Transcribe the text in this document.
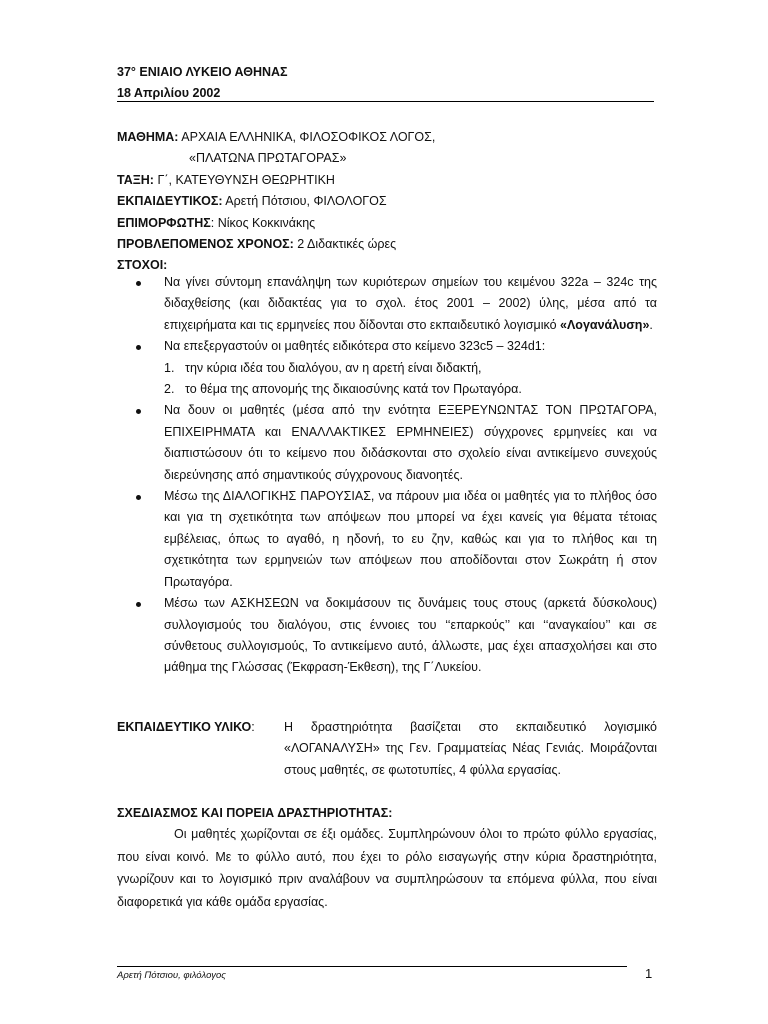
37° ΕΝΙΑΙΟ ΛΥΚΕΙΟ ΑΘΗΝΑΣ
18 Απριλίου 2002
ΜΑΘΗΜΑ: ΑΡΧΑΙΑ ΕΛΛΗΝΙΚΑ, ΦΙΛΟΣΟΦΙΚΟΣ ΛΟΓΟΣ,
«ΠΛΑΤΩΝΑ ΠΡΩΤΑΓΟΡΑΣ»
ΤΑΞΗ: Γ΄, ΚΑΤΕΥΘΥΝΣΗ ΘΕΩΡΗΤΙΚΗ
ΕΚΠΑΙΔΕΥΤΙΚΟΣ: Αρετή Πότσιου, ΦΙΛΟΛΟΓΟΣ
ΕΠΙΜΟΡΦΩΤΗΣ: Νίκος Κοκκινάκης
ΠΡΟΒΛΕΠΟΜΕΝΟΣ ΧΡΟΝΟΣ: 2 Διδακτικές ώρες
ΣΤΟΧΟΙ:
Να γίνει σύντομη επανάληψη των κυριότερων σημείων του κειμένου 322a – 324c της διδαχθείσης (και διδακτέας για το σχολ. έτος 2001 – 2002) ύλης, μέσα από τα επιχειρήματα και τις ερμηνείες που δίδονται στο εκπαιδευτικό λογισμικό «Λογανάλυση».
Να επεξεργαστούν οι μαθητές ειδικότερα στο κείμενο 323c5 – 324d1:
1. την κύρια ιδέα του διαλόγου, αν η αρετή είναι διδακτή,
2. το θέμα της απονομής της δικαιοσύνης κατά τον Πρωταγόρα.
Να δουν οι μαθητές (μέσα από την ενότητα ΕΞΕΡΕΥΝΩΝΤΑΣ ΤΟΝ ΠΡΩΤΑΓΟΡΑ, ΕΠΙΧΕΙΡΗΜΑΤΑ και ΕΝΑΛΛΑΚΤΙΚΕΣ ΕΡΜΗΝΕΙΕΣ) σύγχρονες ερμηνείες και να διαπιστώσουν ότι το κείμενο που διδάσκονται στο σχολείο είναι αντικείμενο συνεχούς διερεύνησης από σημαντικούς σύγχρονους διανοητές.
Μέσω της ΔΙΑΛΟΓΙΚΗΣ ΠΑΡΟΥΣΙΑΣ, να πάρουν μια ιδέα οι μαθητές για το πλήθος όσο και για τη σχετικότητα των απόψεων που μπορεί να έχει κανείς για θέματα τέτοιας εμβέλειας, όπως το αγαθό, η ηδονή, το ευ ζην, καθώς και για το πλήθος και τη σχετικότητα των ερμηνειών των απόψεων που αποδίδονται στον Σωκράτη ή στον Πρωταγόρα.
Μέσω των ΑΣΚΗΣΕΩΝ να δοκιμάσουν τις δυνάμεις τους στους (αρκετά δύσκολους) συλλογισμούς του διαλόγου, στις έννοιες του ‘‘επαρκούς’’ και ‘‘αναγκαίου’’ και σε σύνθετους συλλογισμούς, Το αντικείμενο αυτό, άλλωστε, μας έχει απασχολήσει και στο μάθημα της Γλώσσας (Έκφραση-Έκθεση), της Γ΄Λυκείου.
ΕΚΠΑΙΔΕΥΤΙΚΟ ΥΛΙΚΟ:	Η δραστηριότητα βασίζεται στο εκπαιδευτικό λογισμικό «ΛΟΓΑΝΑΛΥΣΗ» της Γεν. Γραμματείας Νέας Γενιάς. Μοιράζονται στους μαθητές, σε φωτοτυπίες, 4 φύλλα εργασίας.
ΣΧΕΔΙΑΣΜΟΣ ΚΑΙ ΠΟΡΕΙΑ ΔΡΑΣΤΗΡΙΟΤΗΤΑΣ:
Οι μαθητές χωρίζονται σε έξι ομάδες. Συμπληρώνουν όλοι το πρώτο φύλλο εργασίας, που είναι κοινό. Με το φύλλο αυτό, που έχει το ρόλο εισαγωγής στην κύρια δραστηριότητα, γνωρίζουν και το λογισμικό πριν αναλάβουν να συμπληρώσουν τα επόμενα φύλλα, που είναι διαφορετικά για κάθε ομάδα εργασίας.
Αρετή Πότσιου, φιλόλογος	1
